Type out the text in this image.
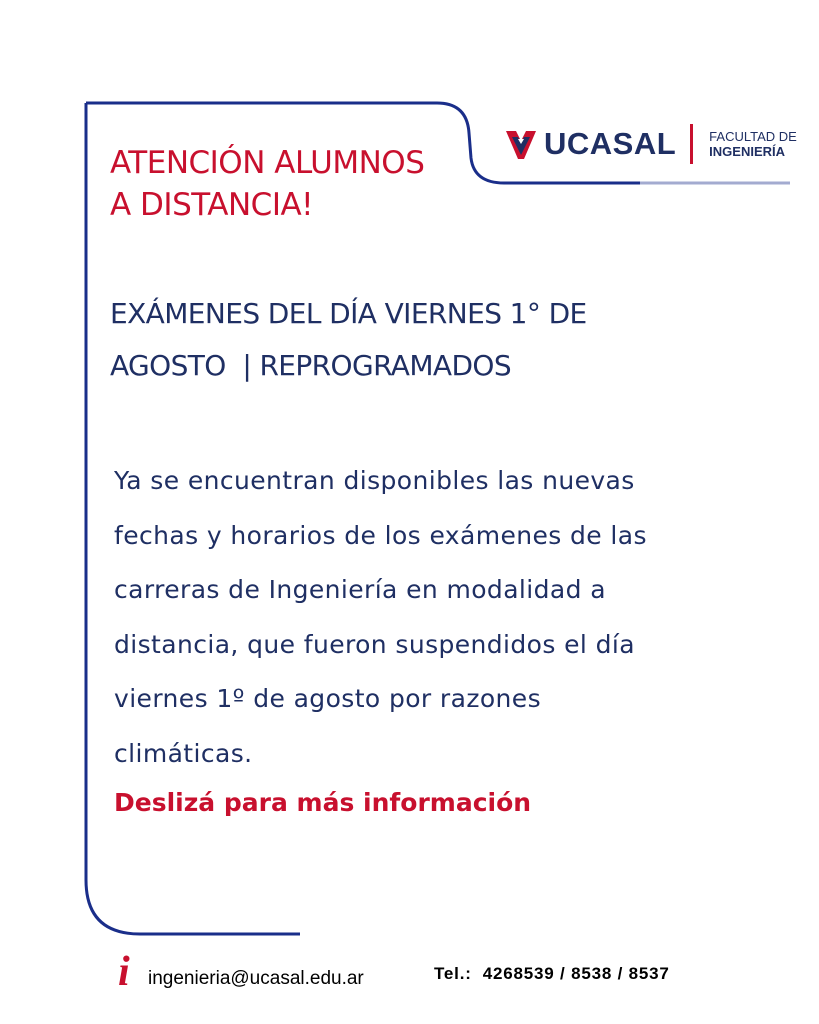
UCASAL	FACULTAD DE
INGENIERÍA
ATENCIÓN ALUMNOS
A DISTANCIA!
EXÁMENES DEL DÍA VIERNES 1° DE
AGOSTO  | REPROGRAMADOS

Ya se encuentran disponibles las nuevas
fechas y horarios de los exámenes de las
carreras de Ingeniería en modalidad a
distancia, que fueron suspendidos el día
viernes 1º de agosto por razones
climáticas.

Deslizá para más información

i ingenieria@ucasal.edu.ar	Tel.:  4268539 / 8538 / 8537
